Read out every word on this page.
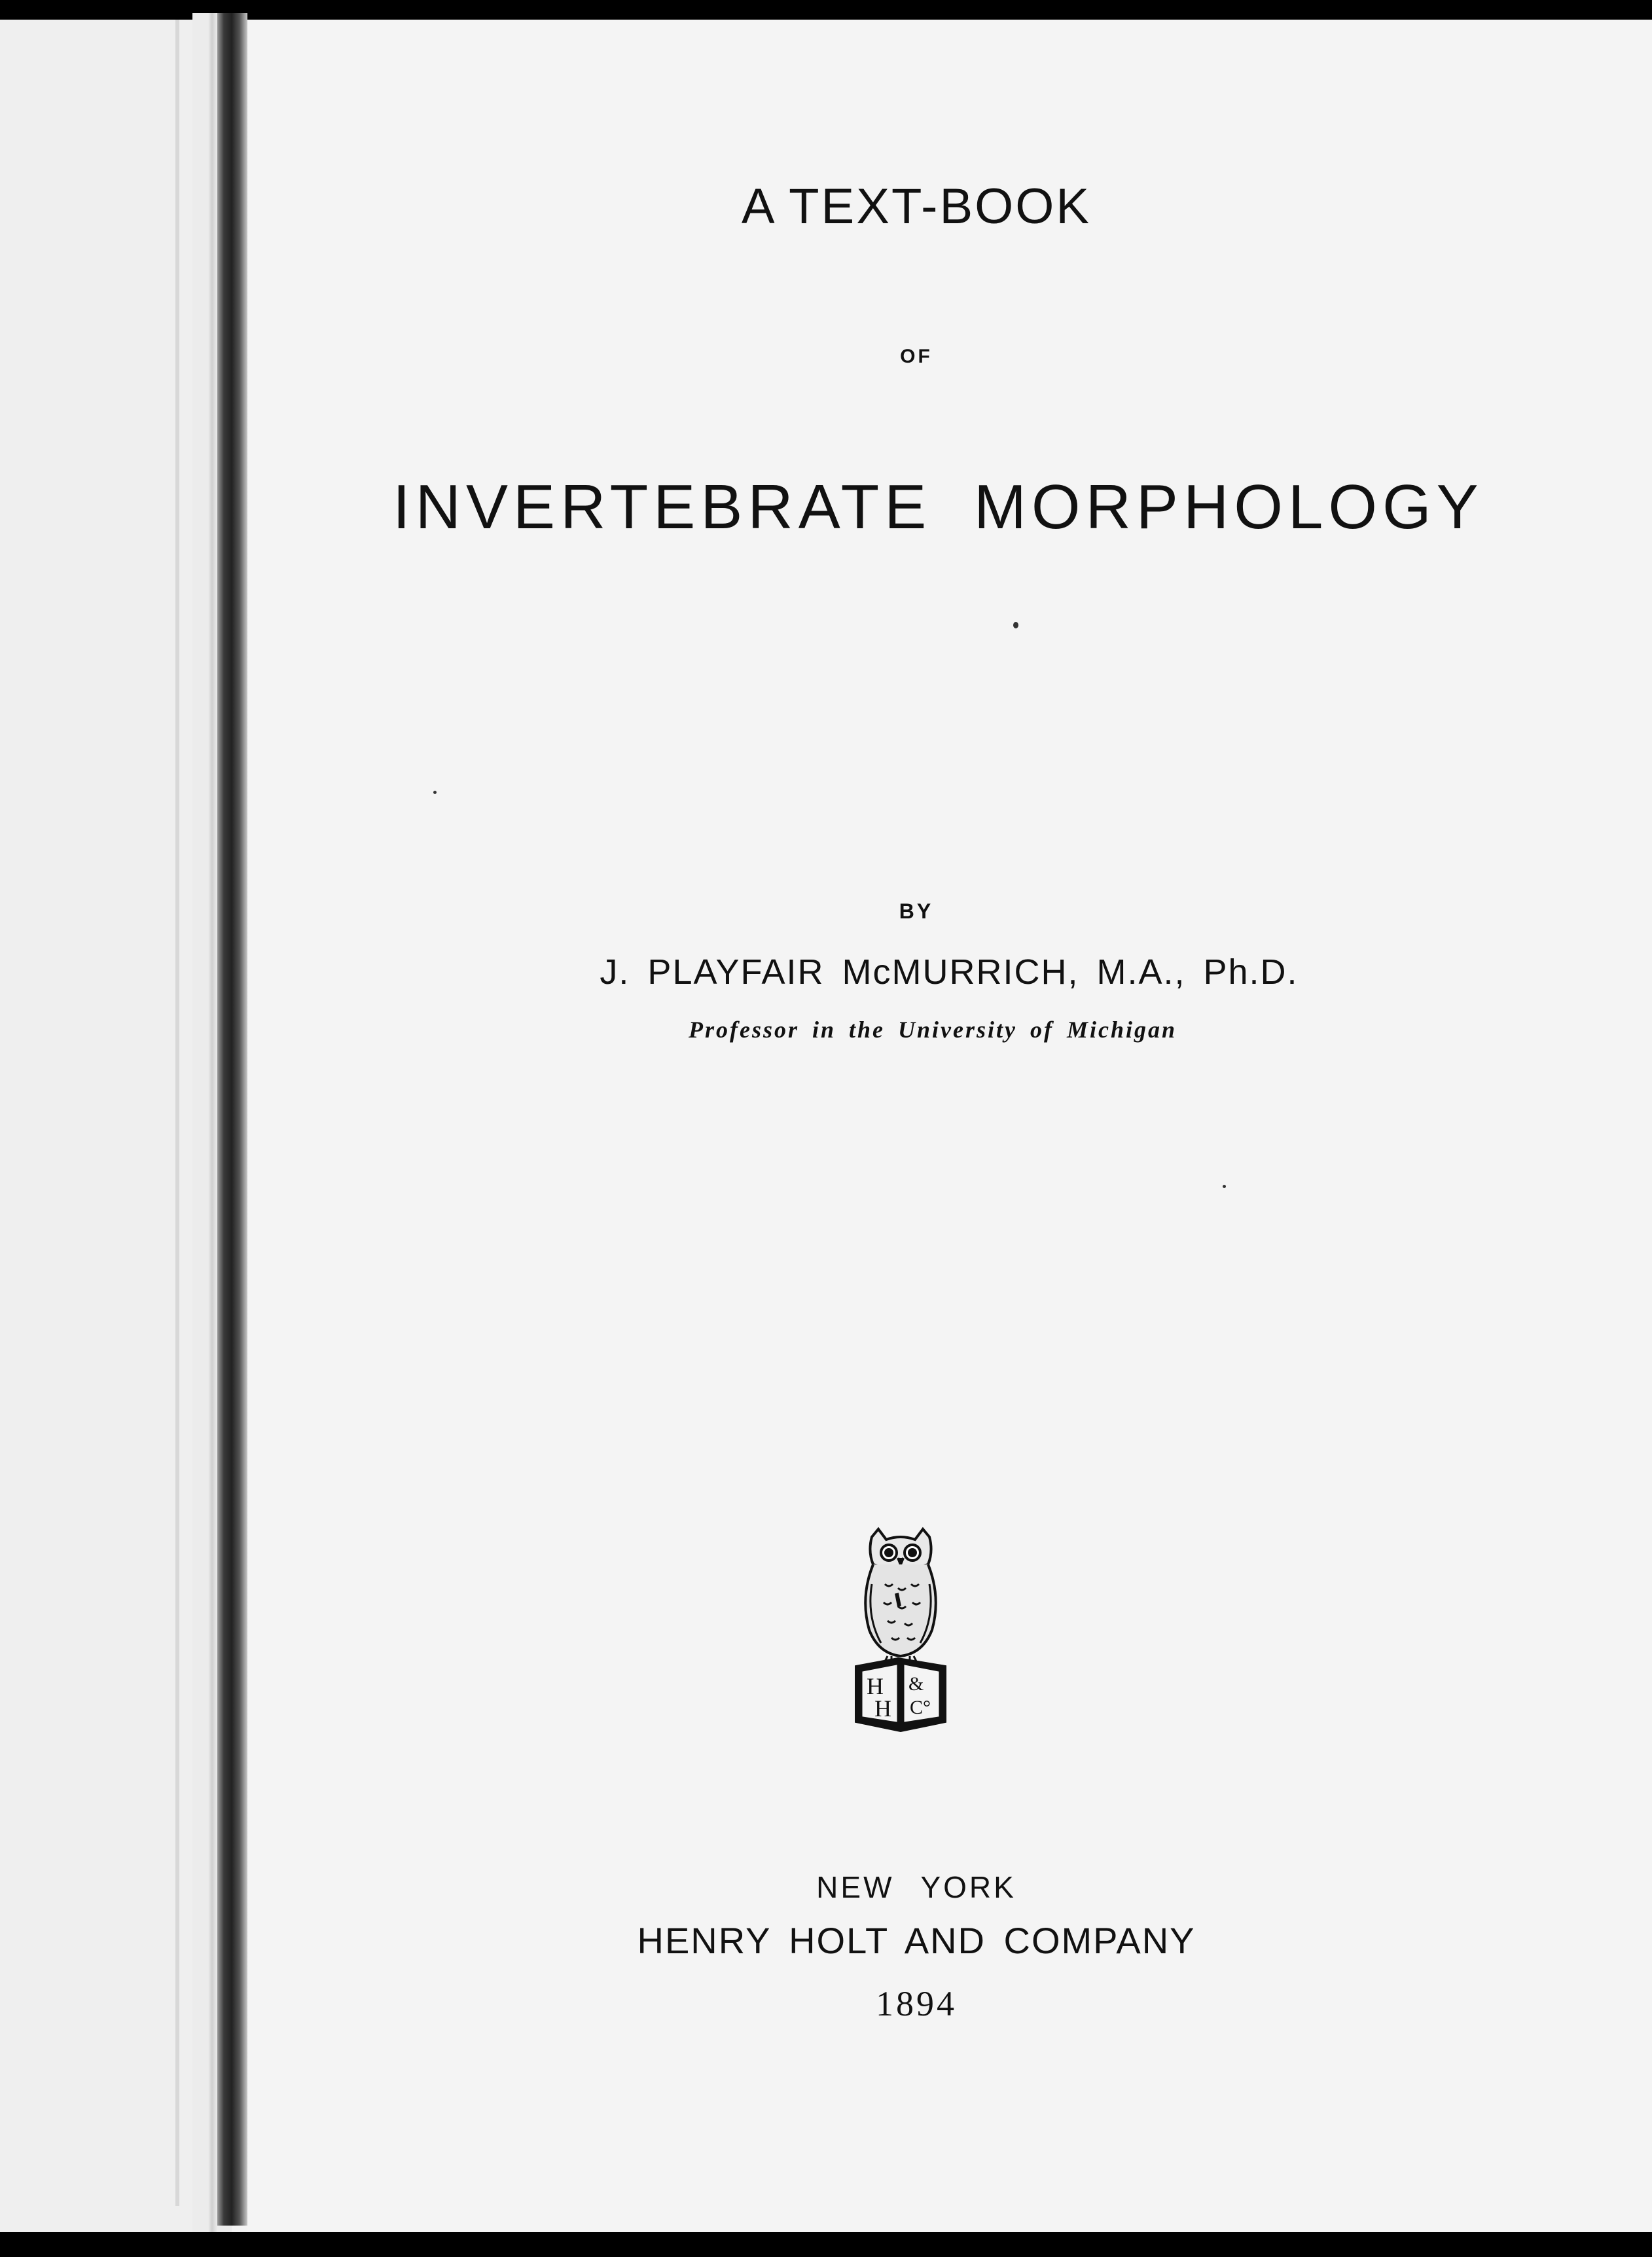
A TEXT-BOOK
OF
INVERTEBRATE MORPHOLOGY
BY
J. PLAYFAIR McMURRICH, M.A., Ph.D.
Professor in the University of Michigan
H &
H C°
NEW YORK
HENRY HOLT AND COMPANY
1894
